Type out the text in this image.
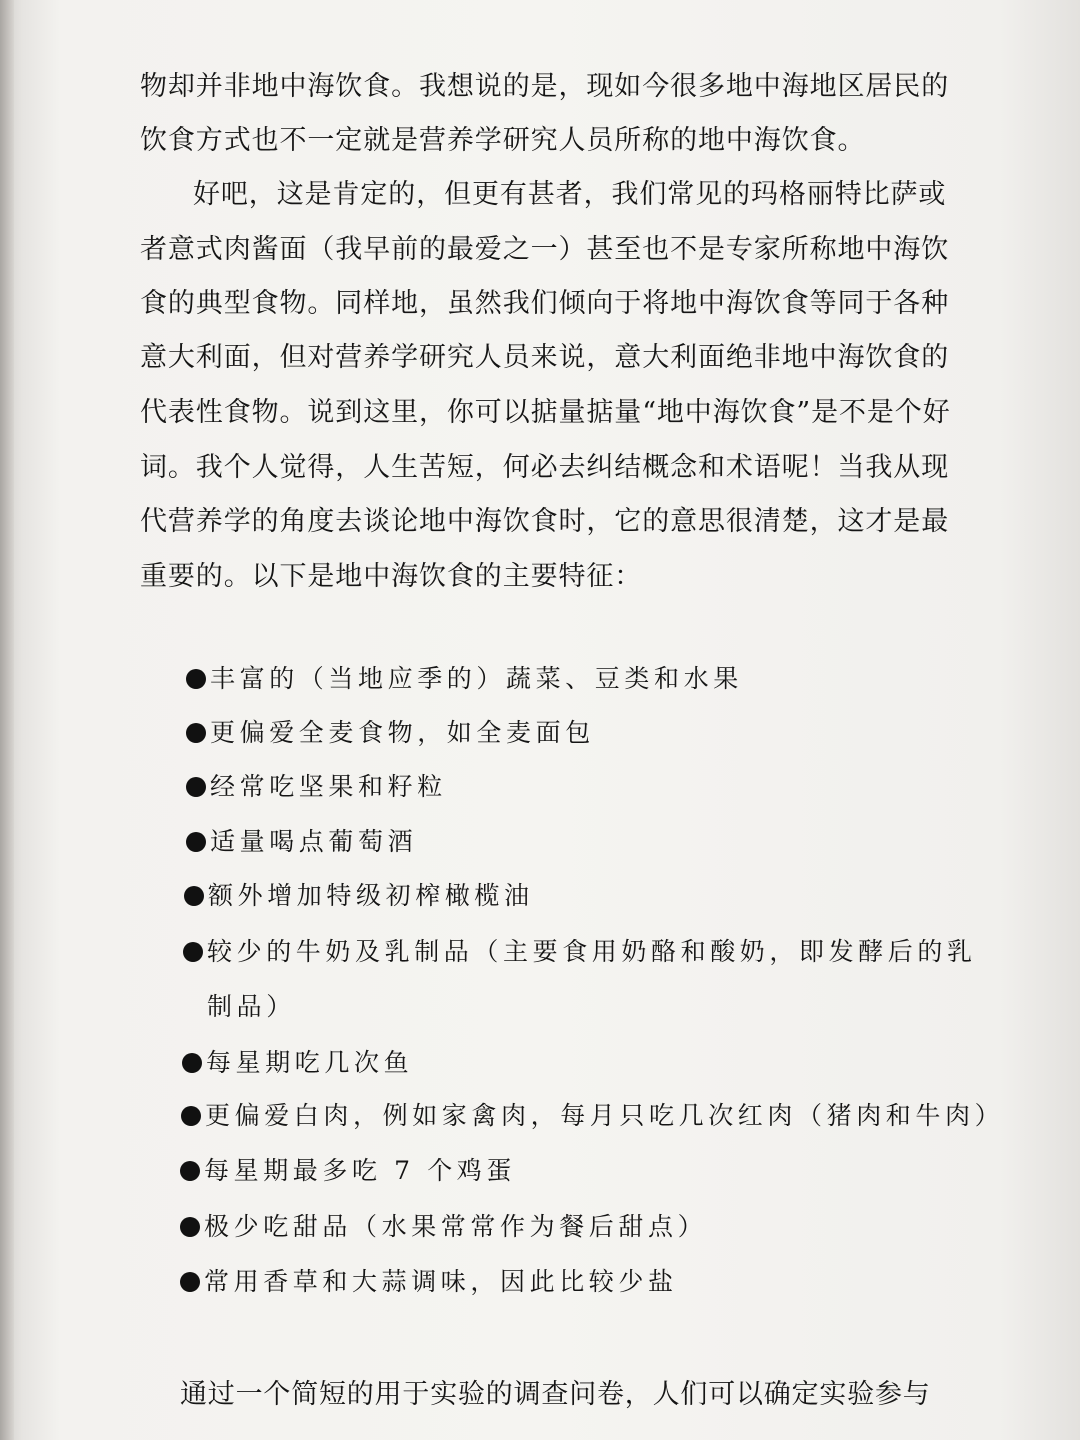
物却并非地中海饮食。我想说的是，现如今很多地中海地区居民的
饮食方式也不一定就是营养学研究人员所称的地中海饮食。
好吧，这是肯定的，但更有甚者，我们常见的玛格丽特比萨或
者意式肉酱面（我早前的最爱之一）甚至也不是专家所称地中海饮
食的典型食物。同样地，虽然我们倾向于将地中海饮食等同于各种
意大利面，但对营养学研究人员来说，意大利面绝非地中海饮食的
代表性食物。说到这里，你可以掂量掂量“地中海饮食”是不是个好
词。我个人觉得，人生苦短，何必去纠结概念和术语呢！当我从现
代营养学的角度去谈论地中海饮食时，它的意思很清楚，这才是最
重要的。以下是地中海饮食的主要特征：
丰富的（当地应季的）蔬菜、豆类和水果
更偏爱全麦食物，如全麦面包
经常吃坚果和籽粒
适量喝点葡萄酒
额外增加特级初榨橄榄油
较少的牛奶及乳制品（主要食用奶酪和酸奶，即发酵后的乳
制品）
每星期吃几次鱼
更偏爱白肉，例如家禽肉，每月只吃几次红肉（猪肉和牛肉）
每星期最多吃 7 个鸡蛋
极少吃甜品（水果常常作为餐后甜点）
常用香草和大蒜调味，因此比较少盐
通过一个简短的用于实验的调查问卷，人们可以确定实验参与
